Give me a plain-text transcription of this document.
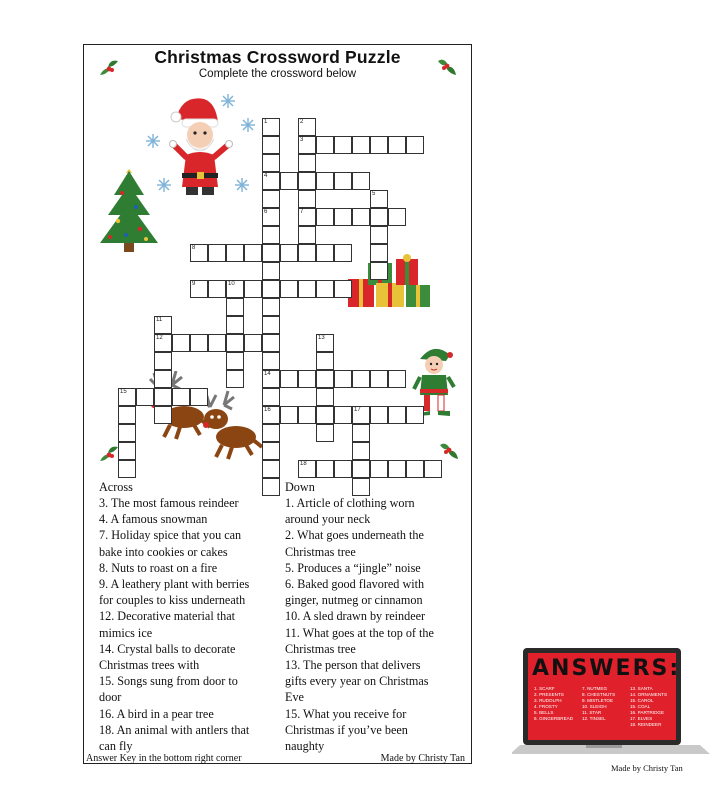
Christmas Crossword Puzzle
Complete the crossword below
1
4
2
3
7
5
6
14
16
8
9	10
11
12	13
15
17
18
Across
3. The most famous reindeer
4. A famous snowman
7. Holiday spice that you can
bake into cookies or cakes
8. Nuts to roast on a fire
9. A leathery plant with berries
for couples to kiss underneath
12. Decorative material that
mimics ice
14. Crystal balls to decorate
Christmas trees with
15. Songs sung from door to
door
16. A bird in a pear tree
18. An animal with antlers that
can fly
Down
1. Article of clothing worn
around your neck
2. What goes underneath the
Christmas tree
5. Produces a “jingle” noise
6. Baked good flavored with
ginger, nutmeg or cinnamon
10. A sled drawn by reindeer
11. What goes at the top of the
Christmas tree
13. The person that delivers
gifts every year on Christmas
Eve
15. What you receive for
Christmas if you’ve been
naughty
Answer Key in the bottom right corner	Made by Christy Tan
ANSWERS:
1. SCARF
2. PRESENTS
3. RUDOLPH
4. FROSTY
5. BELLS
6. GINGERBREAD
7. NUTMEG
8. CHESTNUTS
9. MISTLETOE
10. SLEIGH
11. STAR
12. TINSEL
13. SANTA
14. ORNAMENTS
15. CAROL
15. COAL
16. PARTRIDGE
17. ELVES
18. REINDEER
Made by Christy Tan
